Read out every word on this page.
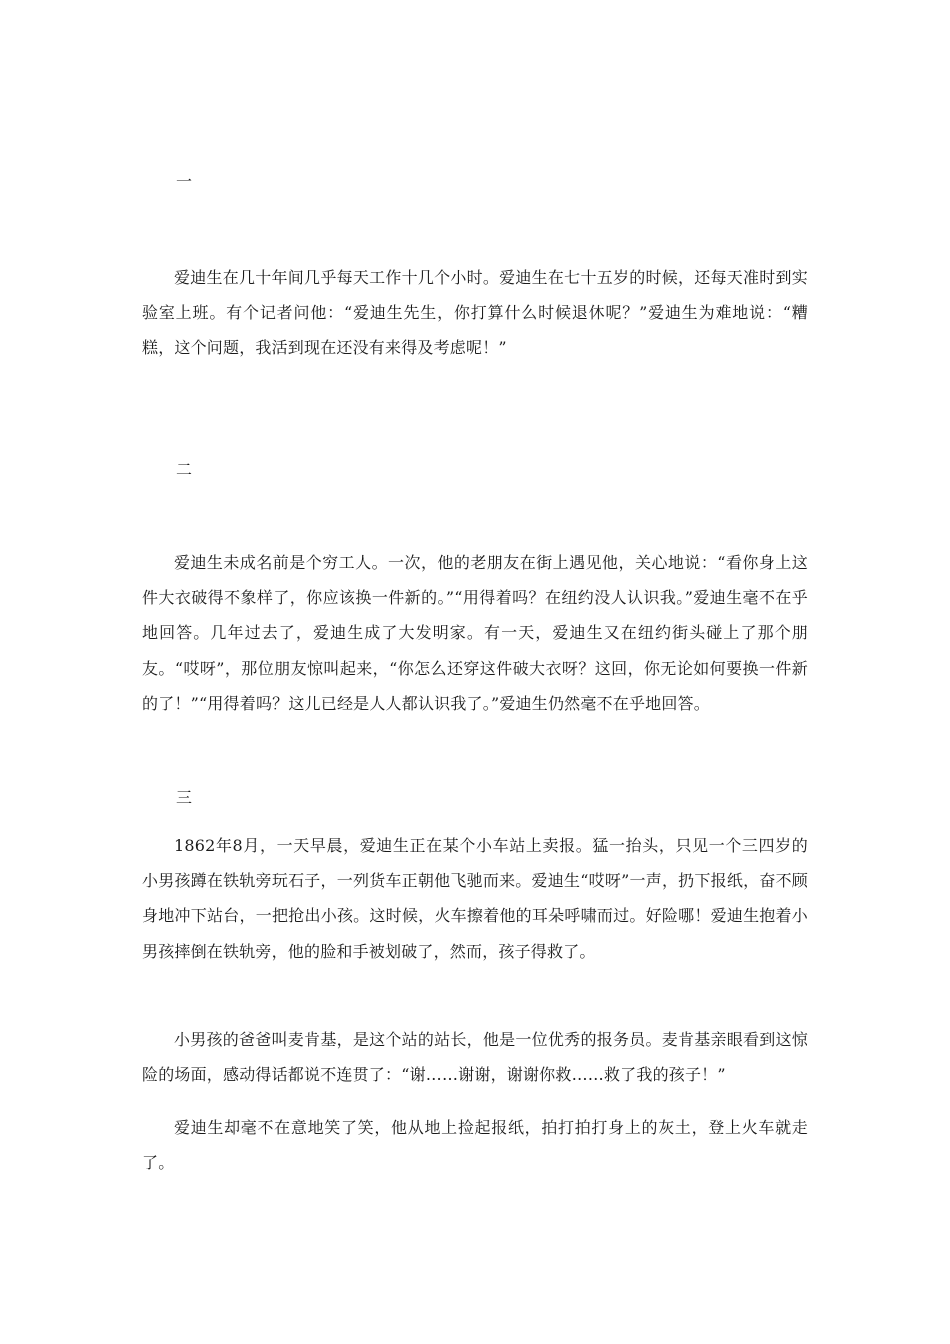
一

爱迪生在几十年间几乎每天工作十几个小时。爱迪生在七十五岁的时候，还每天准时到实验室上班。有个记者问他：“爱迪生先生，你打算什么时候退休呢？”爱迪生为难地说：“糟糕，这个问题，我活到现在还没有来得及考虑呢！”

二

爱迪生未成名前是个穷工人。一次，他的老朋友在街上遇见他，关心地说：“看你身上这件大衣破得不象样了，你应该换一件新的。”“用得着吗？在纽约没人认识我。”爱迪生毫不在乎地回答。几年过去了，爱迪生成了大发明家。有一天，爱迪生又在纽约街头碰上了那个朋友。“哎呀”，那位朋友惊叫起来，“你怎么还穿这件破大衣呀？这回，你无论如何要换一件新的了！”“用得着吗？这儿已经是人人都认识我了。”爱迪生仍然毫不在乎地回答。

三

1862年8月，一天早晨，爱迪生正在某个小车站上卖报。猛一抬头，只见一个三四岁的小男孩蹲在铁轨旁玩石子，一列货车正朝他飞驰而来。爱迪生“哎呀”一声，扔下报纸，奋不顾身地冲下站台，一把抢出小孩。这时候，火车擦着他的耳朵呼啸而过。好险哪！爱迪生抱着小男孩摔倒在铁轨旁，他的脸和手被划破了，然而，孩子得救了。

小男孩的爸爸叫麦肯基，是这个站的站长，他是一位优秀的报务员。麦肯基亲眼看到这惊险的场面，感动得话都说不连贯了：“谢……谢谢，谢谢你救……救了我的孩子！”

爱迪生却毫不在意地笑了笑，他从地上捡起报纸，拍打拍打身上的灰土，登上火车就走了。
